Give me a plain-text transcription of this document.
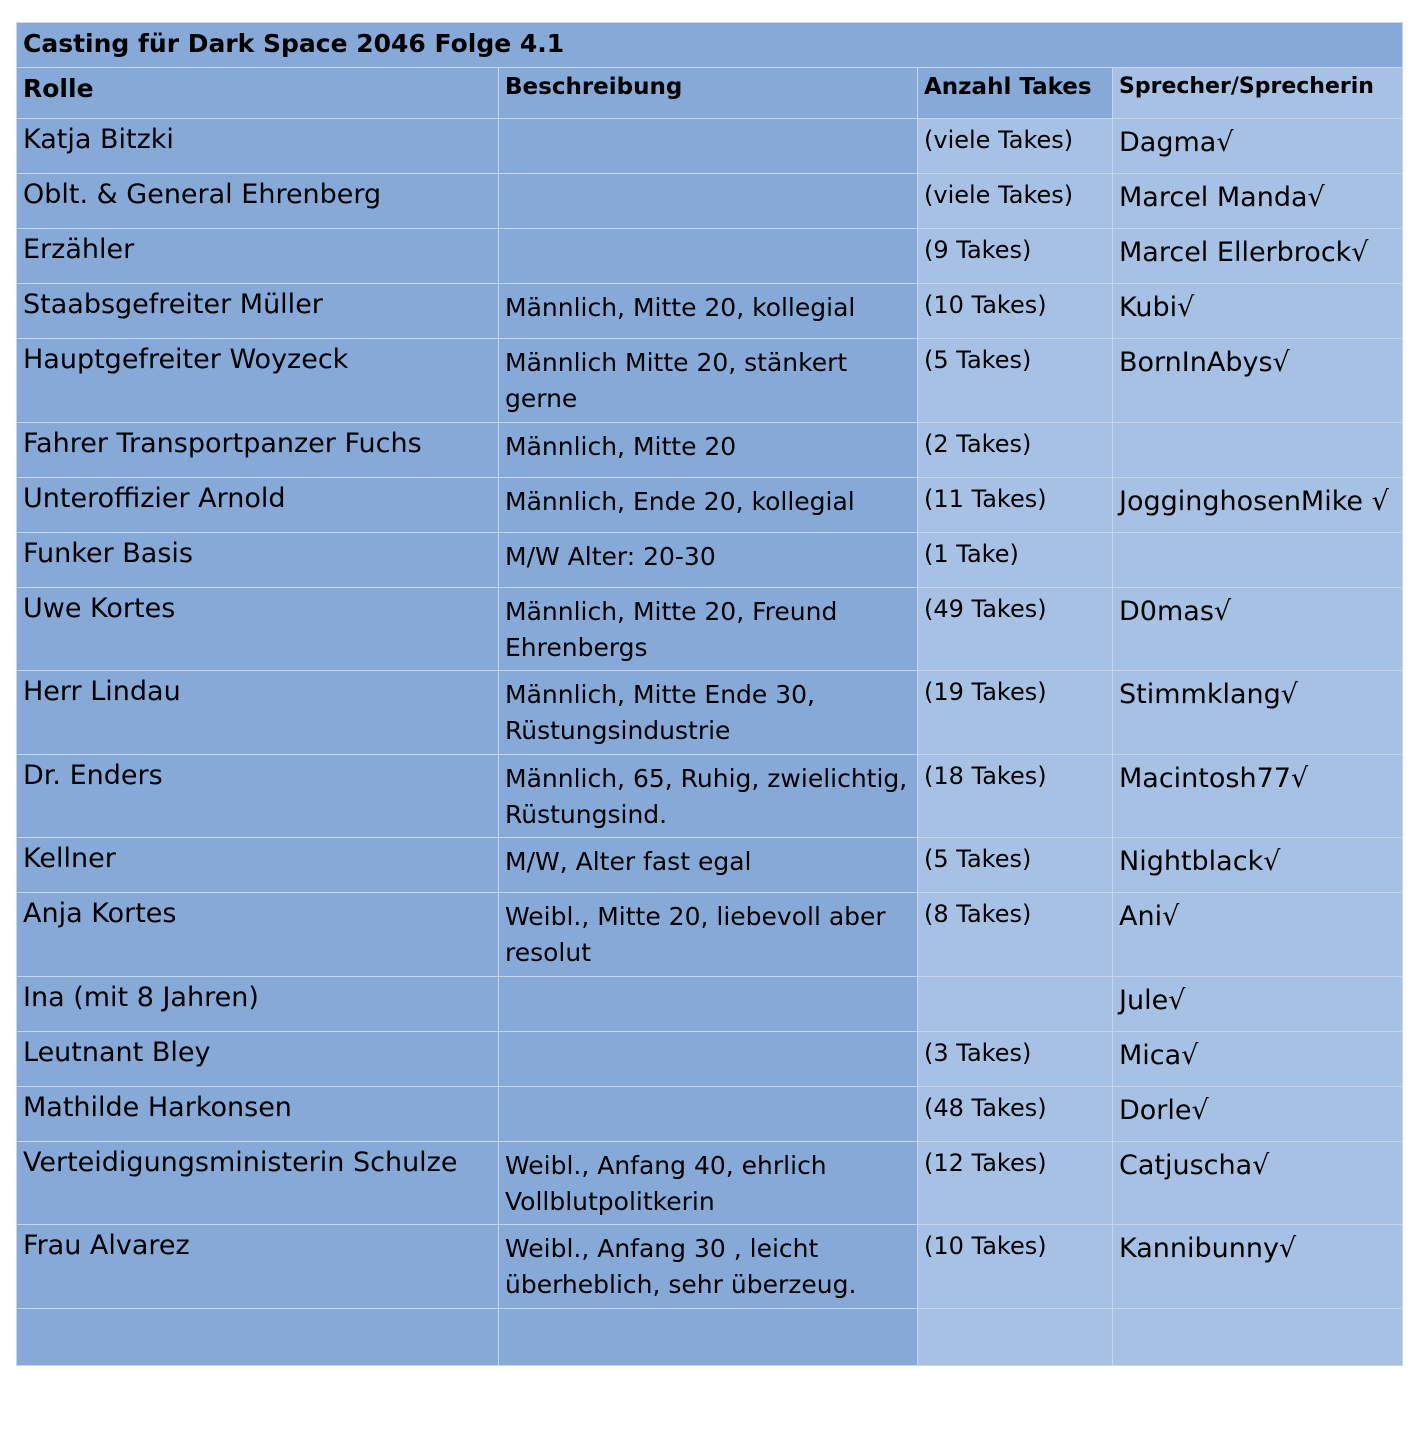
Casting für Dark Space 2046 Folge 4.1			
Rolle	Beschreibung	Anzahl Takes	Sprecher/Sprecherin
Katja Bitzki		(viele Takes)	Dagma√
Oblt. & General Ehrenberg		(viele Takes)	Marcel Manda√
Erzähler		(9 Takes)	Marcel Ellerbrock√
Staabsgefreiter Müller	Männlich, Mitte 20, kollegial	(10 Takes)	Kubi√
Hauptgefreiter Woyzeck	Männlich Mitte 20, stänkert gerne	(5 Takes)	BornInAbys√
Fahrer Transportpanzer Fuchs	Männlich, Mitte 20	(2 Takes)	
Unteroffizier Arnold	Männlich, Ende 20, kollegial	(11 Takes)	JogginghosenMike √
Funker Basis	M/W Alter: 20-30	(1 Take)	
Uwe Kortes	Männlich, Mitte 20, Freund Ehrenbergs	(49 Takes)	D0mas√
Herr Lindau	Männlich, Mitte Ende 30, Rüstungsindustrie	(19 Takes)	Stimmklang√
Dr. Enders	Männlich, 65, Ruhig, zwielichtig, Rüstungsind.	(18 Takes)	Macintosh77√
Kellner	M/W, Alter fast egal	(5 Takes)	Nightblack√
Anja Kortes	Weibl., Mitte 20, liebevoll aber resolut	(8 Takes)	Ani√
Ina (mit 8 Jahren)			Jule√
Leutnant Bley		(3 Takes)	Mica√
Mathilde Harkonsen		(48 Takes)	Dorle√
Verteidigungsministerin Schulze	Weibl., Anfang 40, ehrlich Vollblutpolitkerin	(12 Takes)	Catjuscha√
Frau Alvarez	Weibl., Anfang 30 , leicht überheblich, sehr überzeug.	(10 Takes)	Kannibunny√
